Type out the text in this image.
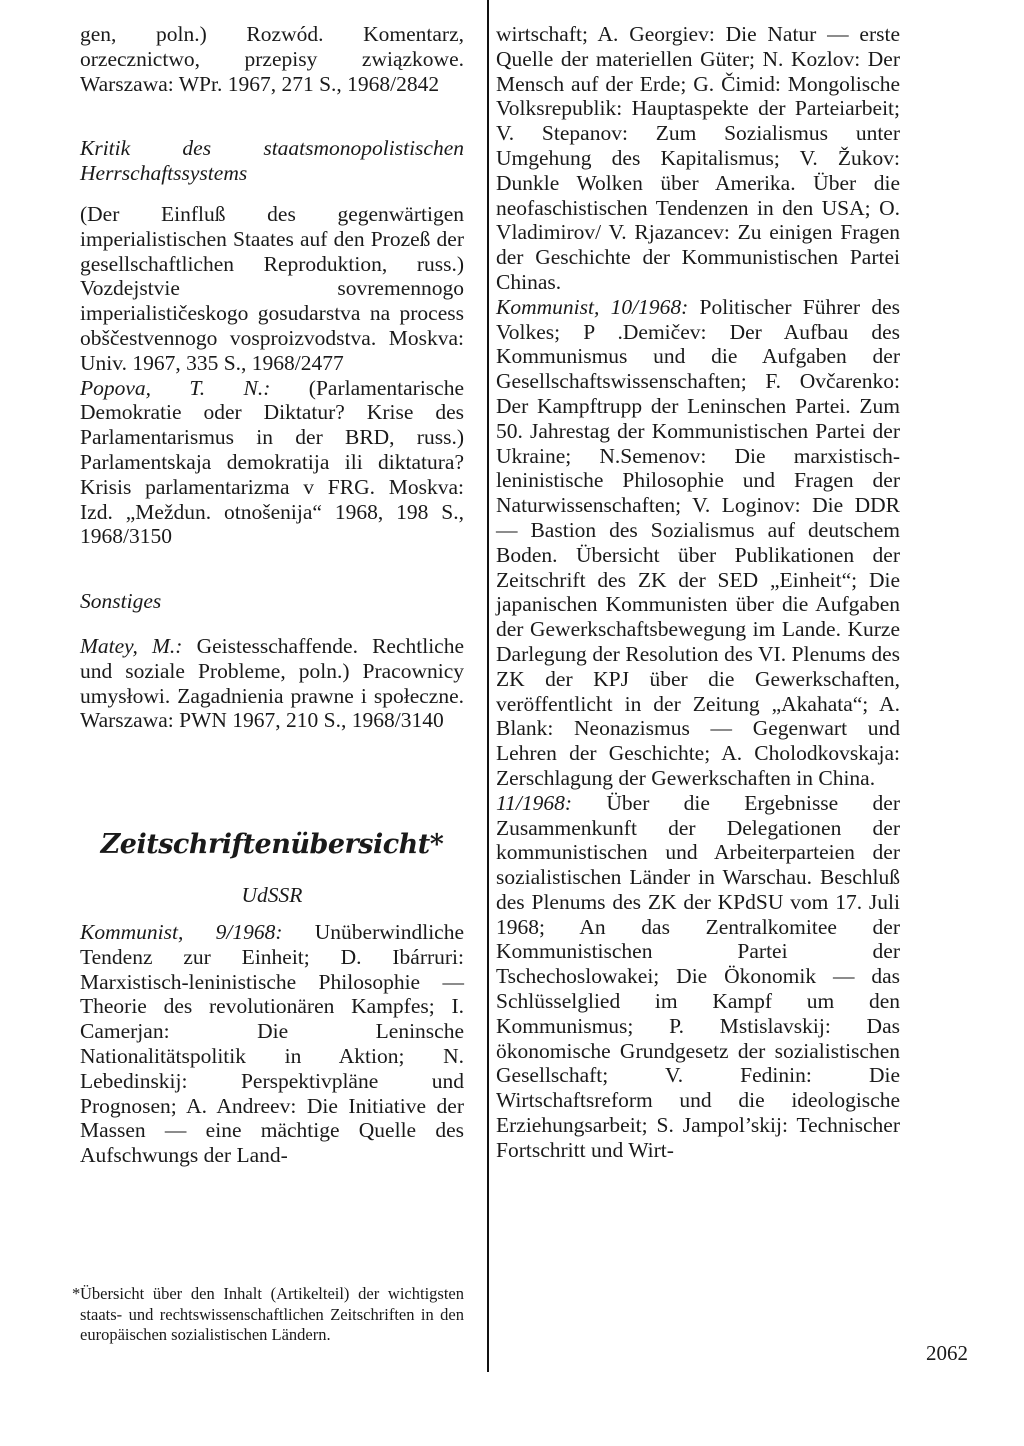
gen, poln.) Rozwód. Komentarz, orzecznictwo, przepisy związkowe. Warszawa: WPr. 1967, 271 S., 1968/2842

Kritik des staatsmonopolistischen Herrschaftssystems

(Der Einfluß des gegenwärtigen imperialistischen Staates auf den Prozeß der gesellschaftlichen Reproduktion, russ.) Vozdejstvie sovremennogo imperialističeskogo gosudarstva na process obščestvennogo vosproizvodstva. Moskva: Univ. 1967, 335 S., 1968/2477

Popova, T. N.: (Parlamentarische Demokratie oder Diktatur? Krise des Parlamentarismus in der BRD, russ.) Parlamentskaja demokratija ili diktatura? Krisis parlamentarizma v FRG. Moskva: Izd. „Meždun. otnošenija“ 1968, 198 S., 1968/3150

Sonstiges

Matey, M.: Geistesschaffende. Rechtliche und soziale Probleme, poln.) Pracownicy umysłowi. Zagadnienia prawne i społeczne. Warszawa: PWN 1967, 210 S., 1968/3140

Zeitschriftenübersicht*
UdSSR

Kommunist, 9/1968: Unüberwindliche Tendenz zur Einheit; D. Ibárruri: Marxistisch-leninistische Philosophie — Theorie des revolutionären Kampfes; I. Camerjan: Die Leninsche Nationalitätspolitik in Aktion; N. Lebedinskij: Perspektivpläne und Prognosen; A. Andreev: Die Initiative der Massen — eine mächtige Quelle des Aufschwungs der Land-

* Übersicht über den Inhalt (Artikelteil) der wichtigsten staats- und rechtswissenschaftlichen Zeitschriften in den europäischen sozialistischen Ländern.

wirtschaft; A. Georgiev: Die Natur — erste Quelle der materiellen Güter; N. Kozlov: Der Mensch auf der Erde; G. Čimid: Mongolische Volksrepublik: Hauptaspekte der Parteiarbeit; V. Stepanov: Zum Sozialismus unter Umgehung des Kapitalismus; V. Žukov: Dunkle Wolken über Amerika. Über die neofaschistischen Tendenzen in den USA; O. Vladimirov/ V. Rjazancev: Zu einigen Fragen der Geschichte der Kommunistischen Partei Chinas.

Kommunist, 10/1968: Politischer Führer des Volkes; P .Demičev: Der Aufbau des Kommunismus und die Aufgaben der Gesellschaftswissenschaften; F. Ovčarenko: Der Kampftrupp der Leninschen Partei. Zum 50. Jahrestag der Kommunistischen Partei der Ukraine; N.Semenov: Die marxistisch-leninistische Philosophie und Fragen der Naturwissenschaften; V. Loginov: Die DDR — Bastion des Sozialismus auf deutschem Boden. Übersicht über Publikationen der Zeitschrift des ZK der SED „Einheit“; Die japanischen Kommunisten über die Aufgaben der Gewerkschaftsbewegung im Lande. Kurze Darlegung der Resolution des VI. Plenums des ZK der KPJ über die Gewerkschaften, veröffentlicht in der Zeitung „Akahata“; A. Blank: Neonazismus — Gegenwart und Lehren der Geschichte; A. Cholodkovskaja: Zerschlagung der Gewerkschaften in China.

11/1968: Über die Ergebnisse der Zusammenkunft der Delegationen der kommunistischen und Arbeiterparteien der sozialistischen Länder in Warschau. Beschluß des Plenums des ZK der KPdSU vom 17. Juli 1968; An das Zentralkomitee der Kommunistischen Partei der Tschechoslowakei; Die Ökonomik — das Schlüsselglied im Kampf um den Kommunismus; P. Mstislavskij: Das ökonomische Grundgesetz der sozialistischen Gesellschaft; V. Fedinin: Die Wirtschaftsreform und die ideologische Erziehungsarbeit; S. Jampol’skij: Technischer Fortschritt und Wirt-

2062
